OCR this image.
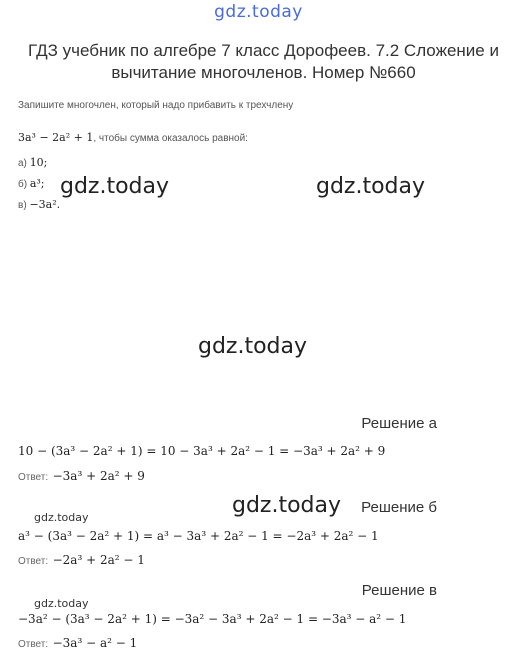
gdz.today
ГДЗ учебник по алгебре 7 класс Дорофеев. 7.2 Сложение и вычитание многочленов. Номер №660
Запишите многочлен, который надо прибавить к трехчлену
3a³ − 2a² + 1, чтобы сумма оказалось равной:
а) 10;
б) a³;
в) −3a².
gdz.today	gdz.today
gdz.today
gdz.today
gdz.today
gdz.today
Решение а
10 − (3a³ − 2a² + 1) = 10 − 3a³ + 2a² − 1 = −3a³ + 2a² + 9
Ответ: −3a³ + 2a² + 9
Решение б
a³ − (3a³ − 2a² + 1) = a³ − 3a³ + 2a² − 1 = −2a³ + 2a² − 1
Ответ: −2a³ + 2a² − 1
Решение в
−3a² − (3a³ − 2a² + 1) = −3a² − 3a³ + 2a² − 1 = −3a³ − a² − 1
Ответ: −3a³ − a² − 1
